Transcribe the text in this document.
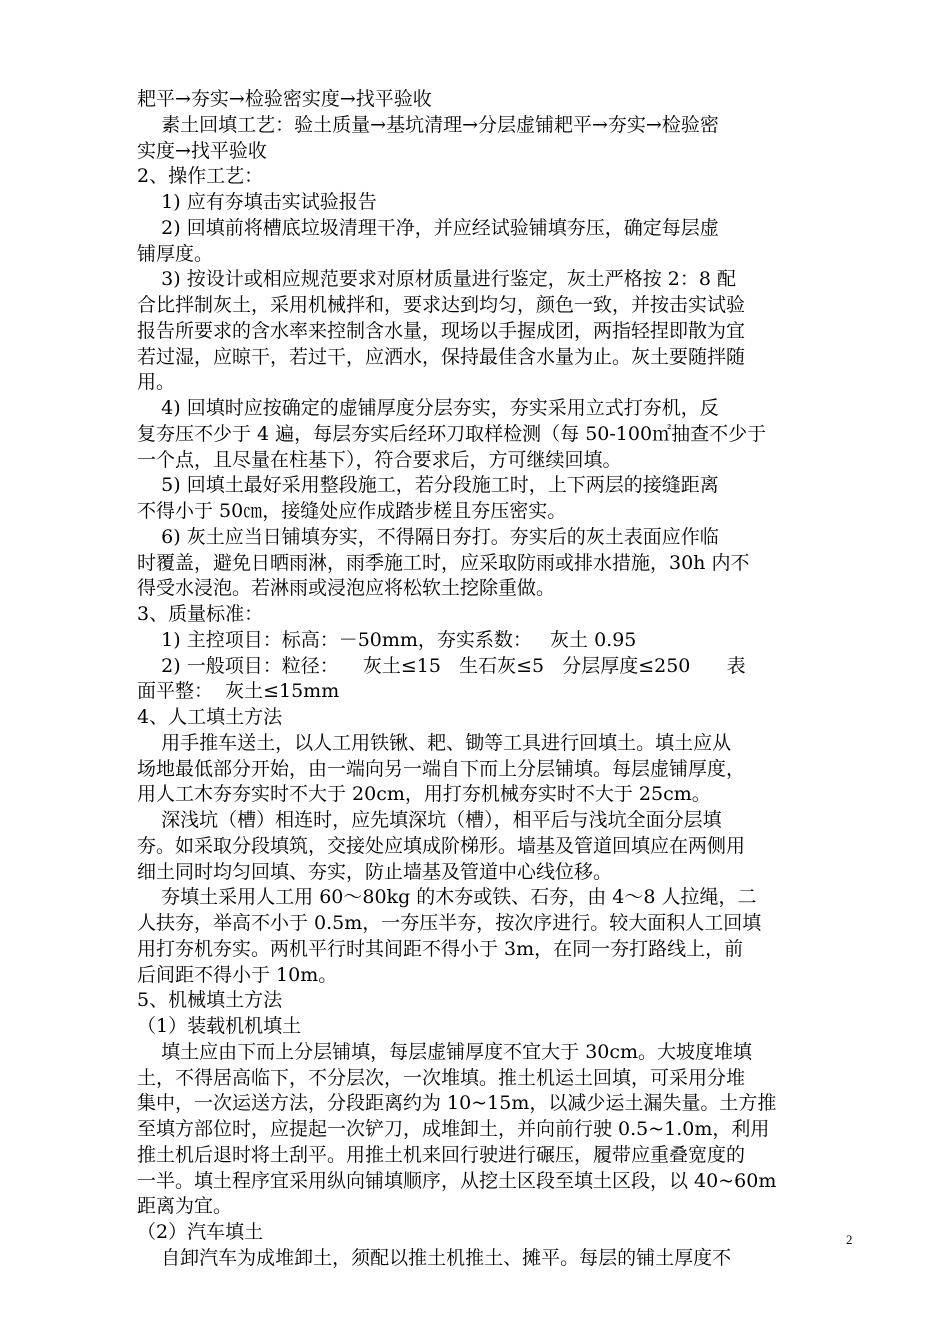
耙平→夯实→检验密实度→找平验收
素土回填工艺：验土质量→基坑清理→分层虚铺耙平→夯实→检验密
实度→找平验收
2、操作工艺：
1) 应有夯填击实试验报告
2) 回填前将槽底垃圾清理干净，并应经试验铺填夯压，确定每层虚
铺厚度。
3) 按设计或相应规范要求对原材质量进行鉴定，灰土严格按 2：8 配
合比拌制灰土，采用机械拌和，要求达到均匀，颜色一致，并按击实试验
报告所要求的含水率来控制含水量，现场以手握成团，两指轻捏即散为宜
若过湿，应晾干，若过干，应洒水，保持最佳含水量为止。灰土要随拌随
用。
4) 回填时应按确定的虚铺厚度分层夯实，夯实采用立式打夯机，反
复夯压不少于 4 遍，每层夯实后经环刀取样检测（每 50-100㎡抽查不少于
一个点，且尽量在柱基下），符合要求后，方可继续回填。
5) 回填土最好采用整段施工，若分段施工时，上下两层的接缝距离
不得小于 50㎝，接缝处应作成踏步槎且夯压密实。
6) 灰土应当日铺填夯实，不得隔日夯打。夯实后的灰土表面应作临
时覆盖，避免日晒雨淋，雨季施工时，应采取防雨或排水措施，30h 内不
得受水浸泡。若淋雨或浸泡应将松软土挖除重做。
3、质量标准：
1) 主控项目：标高：－50mm，夯实系数：   灰土 0.95
2) 一般项目：粒径：    灰土≤15   生石灰≤5   分层厚度≤250      表
面平整：  灰土≤15mm
4、人工填土方法
用手推车送土，以人工用铁锹、耙、锄等工具进行回填土。填土应从
场地最低部分开始，由一端向另一端自下而上分层铺填。每层虚铺厚度，
用人工木夯夯实时不大于 20cm，用打夯机械夯实时不大于 25cm。
深浅坑（槽）相连时，应先填深坑（槽），相平后与浅坑全面分层填
夯。如采取分段填筑，交接处应填成阶梯形。墙基及管道回填应在两侧用
细土同时均匀回填、夯实，防止墙基及管道中心线位移。
夯填土采用人工用 60～80kg 的木夯或铁、石夯，由 4～8 人拉绳，二
人扶夯，举高不小于 0.5m，一夯压半夯，按次序进行。较大面积人工回填
用打夯机夯实。两机平行时其间距不得小于 3m，在同一夯打路线上，前
后间距不得小于 10m。
5、机械填土方法
（1）装载机机填土
填土应由下而上分层铺填，每层虚铺厚度不宜大于 30cm。大坡度堆填
土，不得居高临下，不分层次，一次堆填。推土机运土回填，可采用分堆
集中，一次运送方法，分段距离约为 10~15m，以减少运土漏失量。土方推
至填方部位时，应提起一次铲刀，成堆卸土，并向前行驶 0.5~1.0m，利用
推土机后退时将土刮平。用推土机来回行驶进行碾压，履带应重叠宽度的
一半。填土程序宜采用纵向铺填顺序，从挖土区段至填土区段，以 40~60m
距离为宜。
（2）汽车填土
自卸汽车为成堆卸土，须配以推土机推土、摊平。每层的铺土厚度不
2
